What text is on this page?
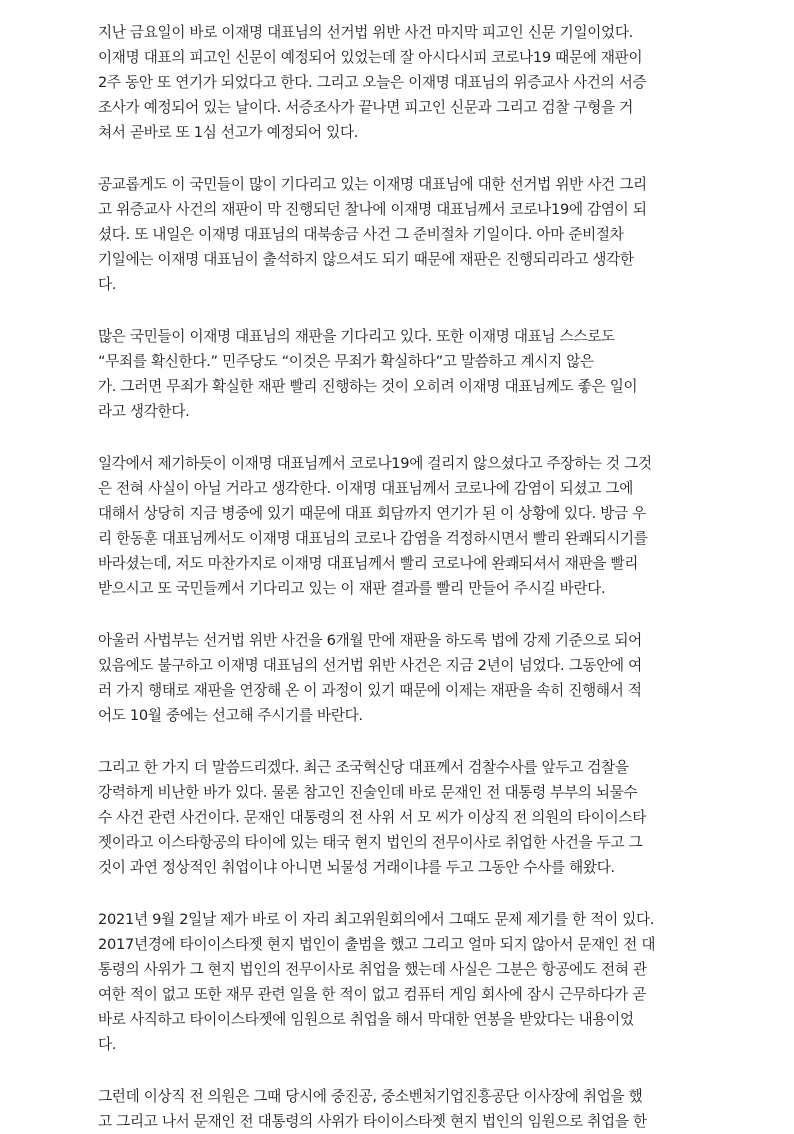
지난 금요일이 바로 이재명 대표님의 선거법 위반 사건 마지막 피고인 신문 기일이었다.
이재명 대표의 피고인 신문이 예정되어 있었는데 잘 아시다시피 코로나19 때문에 재판이
2주 동안 또 연기가 되었다고 한다. 그리고 오늘은 이재명 대표님의 위증교사 사건의 서증
조사가 예정되어 있는 날이다. 서증조사가 끝나면 피고인 신문과 그리고 검찰 구형을 거
쳐서 곧바로 또 1심 선고가 예정되어 있다.
공교롭게도 이 국민들이 많이 기다리고 있는 이재명 대표님에 대한 선거법 위반 사건 그리
고 위증교사 사건의 재판이 막 진행되던 찰나에 이재명 대표님께서 코로나19에 감염이 되
셨다. 또 내일은 이재명 대표님의 대북송금 사건 그 준비절차 기일이다. 아마 준비절차
기일에는 이재명 대표님이 출석하지 않으셔도 되기 때문에 재판은 진행되리라고 생각한
다.
많은 국민들이 이재명 대표님의 재판을 기다리고 있다. 또한 이재명 대표님 스스로도
“무죄를 확신한다.” 민주당도 “이것은 무죄가 확실하다”고 말씀하고 계시지 않은
가. 그러면 무죄가 확실한 재판 빨리 진행하는 것이 오히려 이재명 대표님께도 좋은 일이
라고 생각한다.
일각에서 제기하듯이 이재명 대표님께서 코로나19에 걸리지 않으셨다고 주장하는 것 그것
은 전혀 사실이 아닐 거라고 생각한다. 이재명 대표님께서 코로나에 감염이 되셨고 그에
대해서 상당히 지금 병중에 있기 때문에 대표 회담까지 연기가 된 이 상황에 있다. 방금 우
리 한동훈 대표님께서도 이재명 대표님의 코로나 감염을 걱정하시면서 빨리 완쾌되시기를
바라셨는데, 저도 마찬가지로 이재명 대표님께서 빨리 코로나에 완쾌되셔서 재판을 빨리
받으시고 또 국민들께서 기다리고 있는 이 재판 결과를 빨리 만들어 주시길 바란다.
아울러 사법부는 선거법 위반 사건을 6개월 만에 재판을 하도록 법에 강제 기준으로 되어
있음에도 불구하고 이재명 대표님의 선거법 위반 사건은 지금 2년이 넘었다. 그동안에 여
러 가지 행태로 재판을 연장해 온 이 과정이 있기 때문에 이제는 재판을 속히 진행해서 적
어도 10월 중에는 선고해 주시기를 바란다.
그리고 한 가지 더 말씀드리겠다. 최근 조국혁신당 대표께서 검찰수사를 앞두고 검찰을
강력하게 비난한 바가 있다. 물론 참고인 진술인데 바로 문재인 전 대통령 부부의 뇌물수
수 사건 관련 사건이다. 문재인 대통령의 전 사위 서 모 씨가 이상직 전 의원의 타이이스타
젯이라고 이스타항공의 타이에 있는 태국 현지 법인의 전무이사로 취업한 사건을 두고 그
것이 과연 정상적인 취업이냐 아니면 뇌물성 거래이냐를 두고 그동안 수사를 해왔다.
2021년 9월 2일날 제가 바로 이 자리 최고위원회의에서 그때도 문제 제기를 한 적이 있다.
2017년경에 타이이스타젯 현지 법인이 출범을 했고 그리고 얼마 되지 않아서 문재인 전 대
통령의 사위가 그 현지 법인의 전무이사로 취업을 했는데 사실은 그분은 항공에도 전혀 관
여한 적이 없고 또한 재무 관련 일을 한 적이 없고 컴퓨터 게임 회사에 잠시 근무하다가 곧
바로 사직하고 타이이스타젯에 임원으로 취업을 해서 막대한 연봉을 받았다는 내용이었
다.
그런데 이상직 전 의원은 그때 당시에 중진공, 중소벤처기업진흥공단 이사장에 취업을 했
고 그리고 나서 문재인 전 대통령의 사위가 타이이스타젯 현지 법인의 임원으로 취업을 한
